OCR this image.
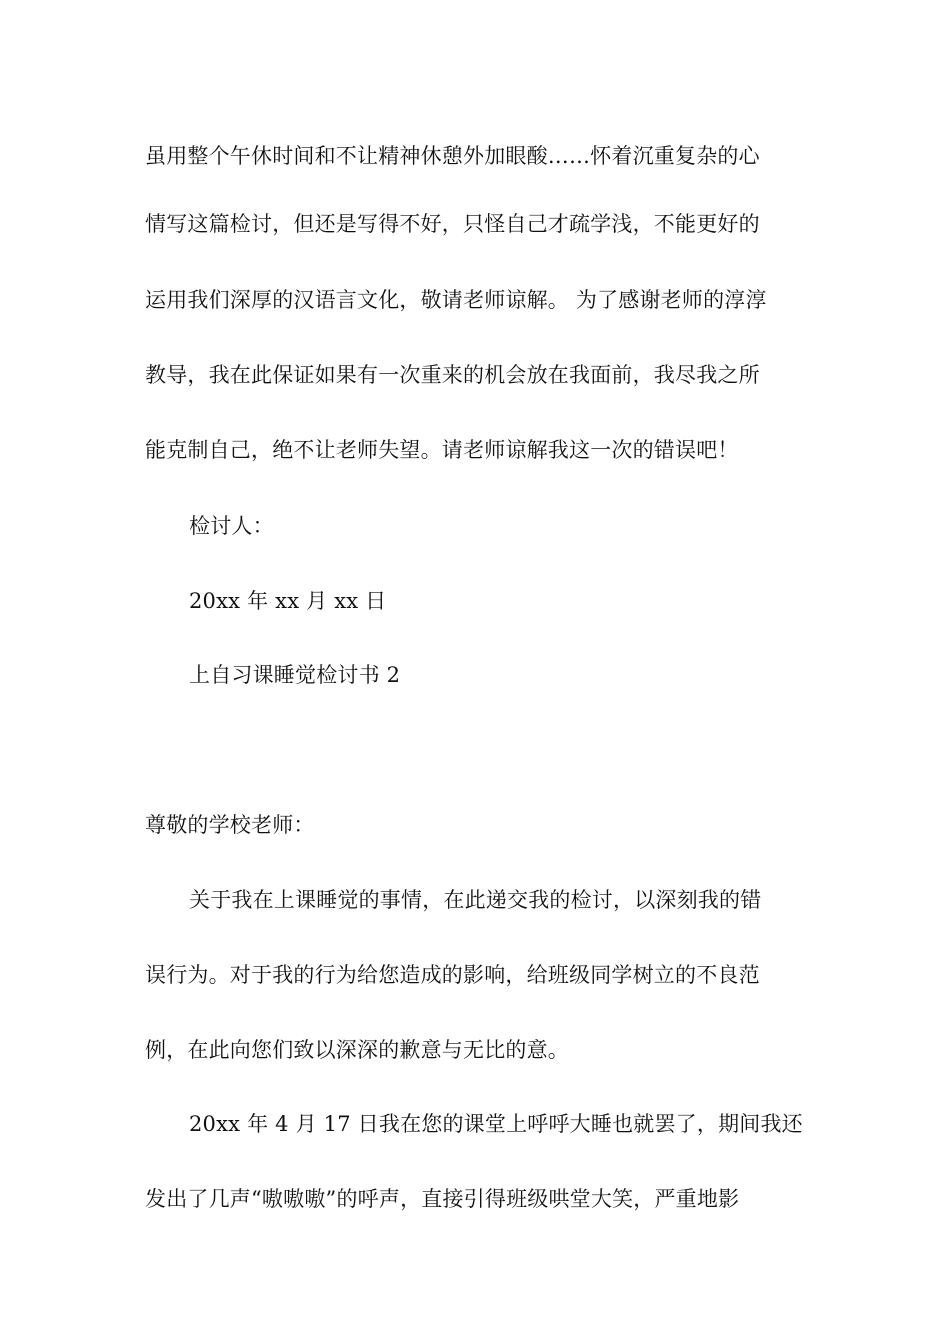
虽用整个午休时间和不让精神休憩外加眼酸……怀着沉重复杂的心
情写这篇检讨，但还是写得不好，只怪自己才疏学浅，不能更好的
运用我们深厚的汉语言文化，敬请老师谅解。 为了感谢老师的淳淳
教导，我在此保证如果有一次重来的机会放在我面前，我尽我之所
能克制自己，绝不让老师失望。请老师谅解我这一次的错误吧！
检讨人：
20xx 年 xx 月 xx 日
上自习课睡觉检讨书 2
尊敬的学校老师：
关于我在上课睡觉的事情，在此递交我的检讨，以深刻我的错
误行为。对于我的行为给您造成的影响，给班级同学树立的不良范
例，在此向您们致以深深的歉意与无比的意。
20xx 年 4 月 17 日我在您的课堂上呼呼大睡也就罢了，期间我还
发出了几声“嗷嗷嗷”的呼声，直接引得班级哄堂大笑，严重地影
